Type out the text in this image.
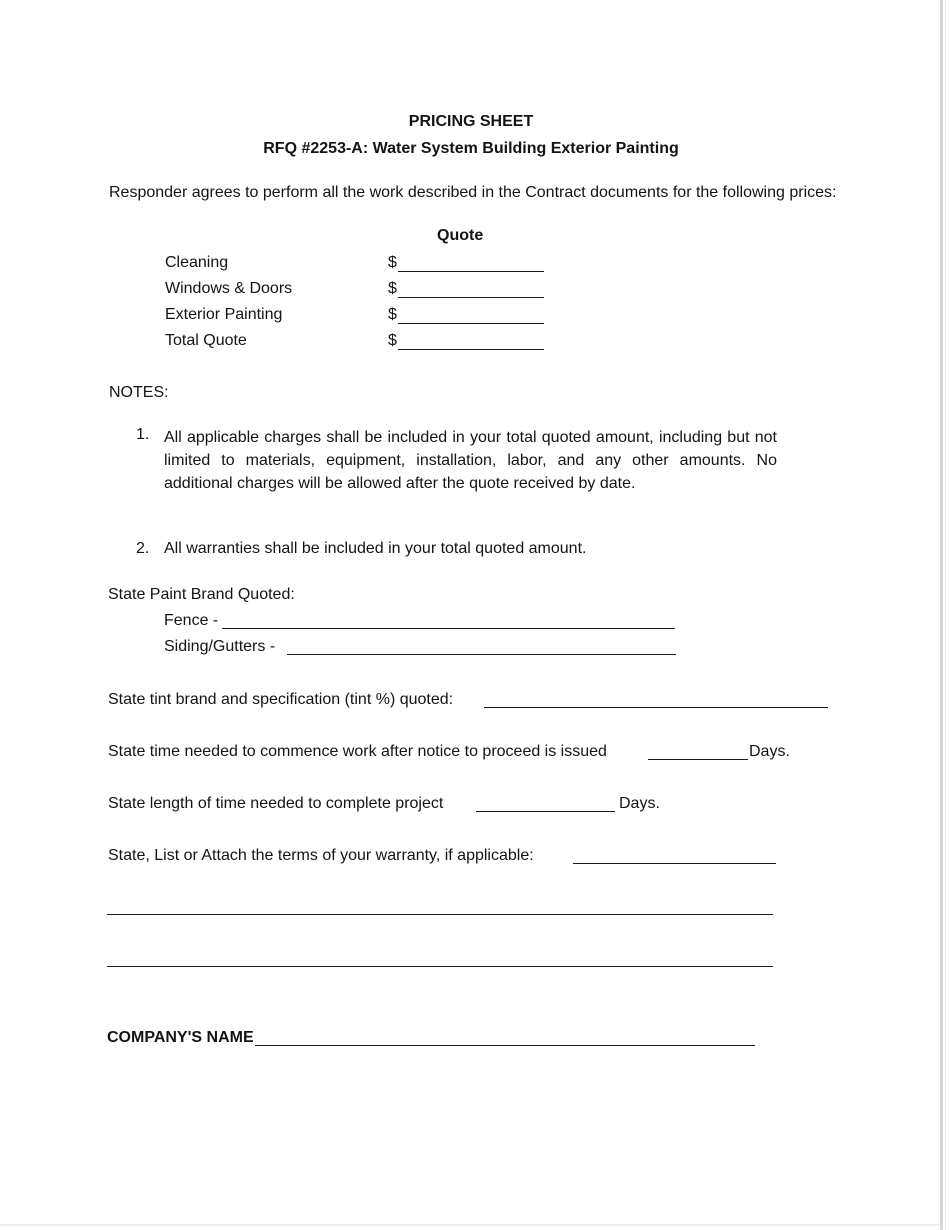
PRICING SHEET
RFQ #2253-A: Water System Building Exterior Painting
Responder agrees to perform all the work described in the Contract documents for the following prices:
Quote
Cleaning	$
Windows & Doors	$
Exterior Painting	$
Total Quote	$
NOTES:
1. All applicable charges shall be included in your total quoted amount, including but not limited to materials, equipment, installation, labor, and any other amounts. No additional charges will be allowed after the quote received by date.
2. All warranties shall be included in your total quoted amount.
State Paint Brand Quoted:
Fence -
Siding/Gutters -
State tint brand and specification (tint %) quoted:
State time needed to commence work after notice to proceed is issued	Days.
State length of time needed to complete project	Days.
State, List or Attach the terms of your warranty, if applicable:
COMPANY'S NAME
